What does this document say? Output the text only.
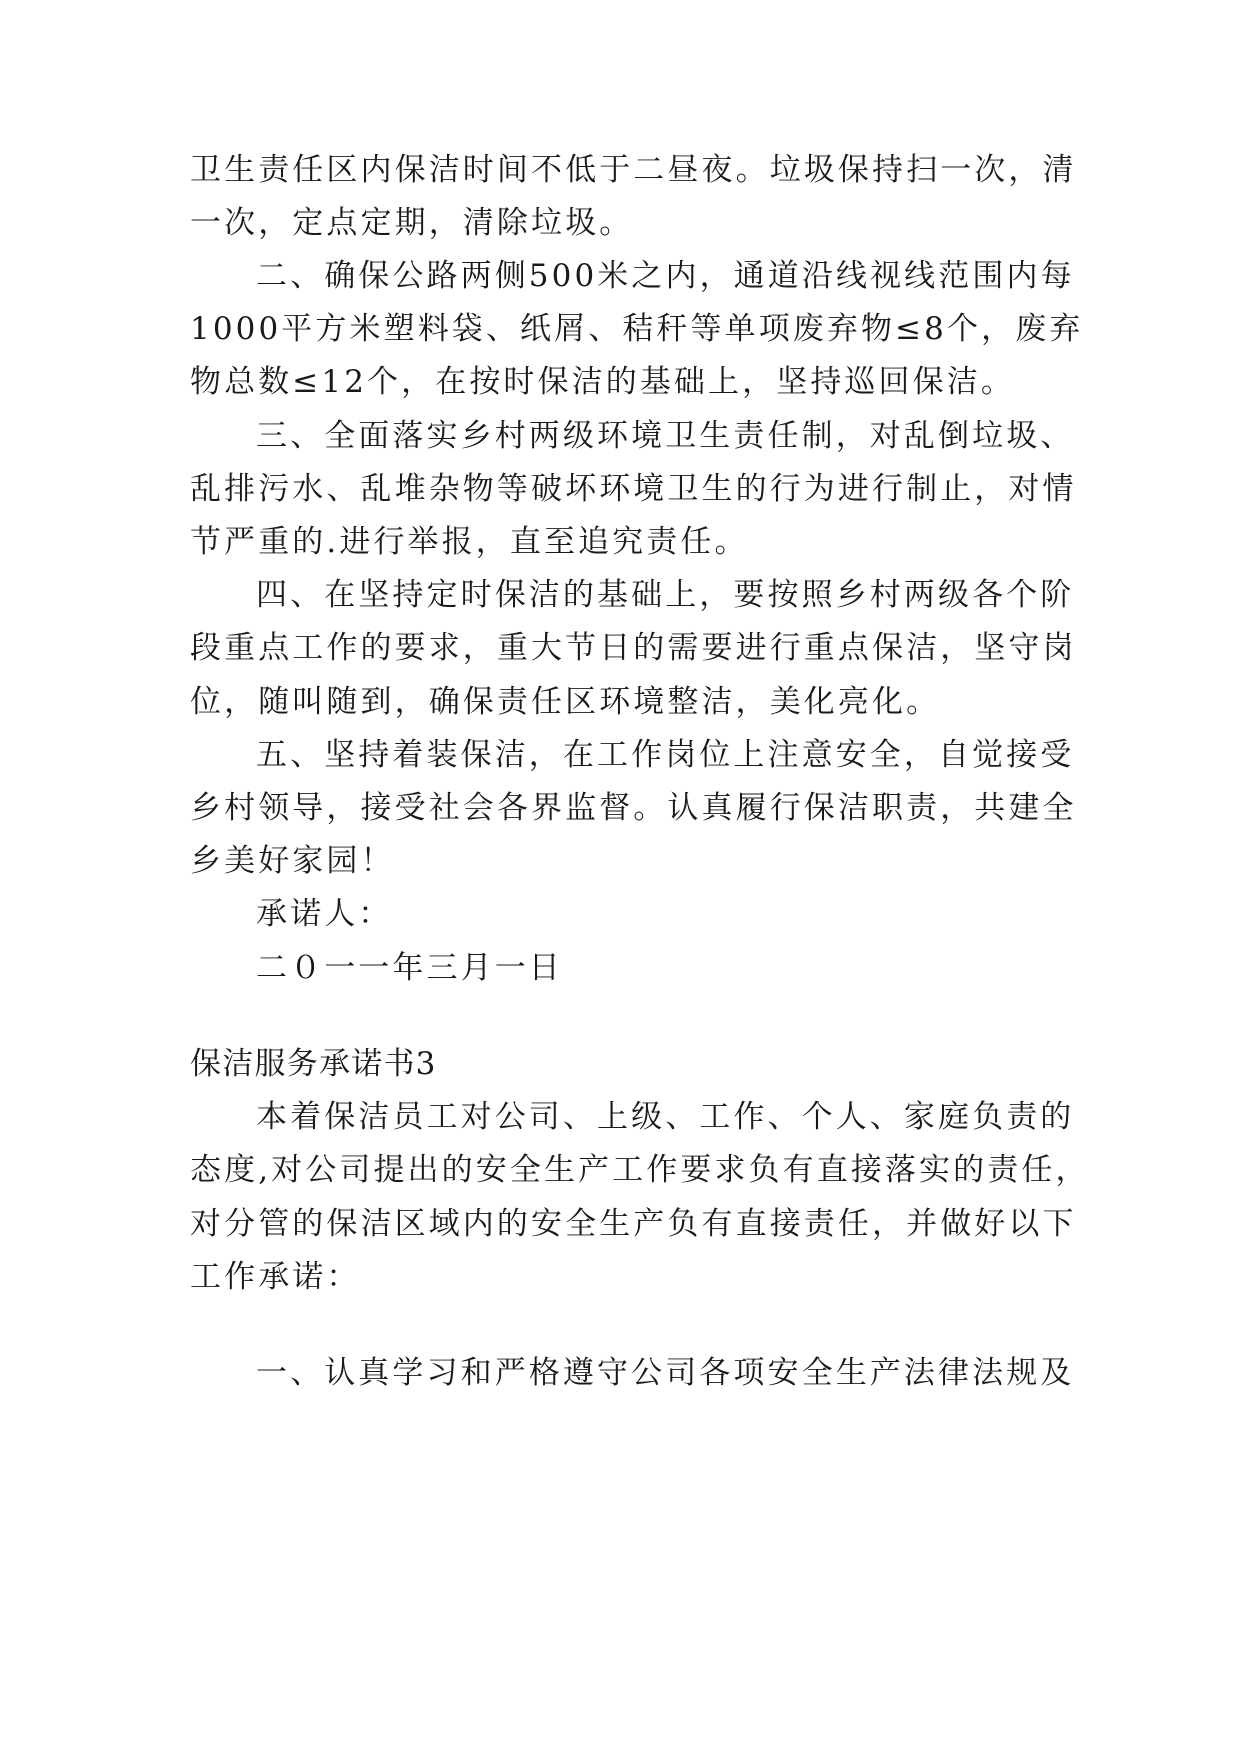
卫生责任区内保洁时间不低于二昼夜。垃圾保持扫一次，清
一次，定点定期，清除垃圾。
二、确保公路两侧500米之内，通道沿线视线范围内每
1000平方米塑料袋、纸屑、秸秆等单项废弃物≤8个，废弃
物总数≤12个，在按时保洁的基础上，坚持巡回保洁。
三、全面落实乡村两级环境卫生责任制，对乱倒垃圾、
乱排污水、乱堆杂物等破坏环境卫生的行为进行制止，对情
节严重的.进行举报，直至追究责任。
四、在坚持定时保洁的基础上，要按照乡村两级各个阶
段重点工作的要求，重大节日的需要进行重点保洁，坚守岗
位，随叫随到，确保责任区环境整洁，美化亮化。
五、坚持着装保洁，在工作岗位上注意安全，自觉接受
乡村领导，接受社会各界监督。认真履行保洁职责，共建全
乡美好家园！
承诺人：
二０一一年三月一日
保洁服务承诺书3
本着保洁员工对公司、上级、工作、个人、家庭负责的
态度,对公司提出的安全生产工作要求负有直接落实的责任，
对分管的保洁区域内的安全生产负有直接责任，并做好以下
工作承诺：
一、认真学习和严格遵守公司各项安全生产法律法规及
